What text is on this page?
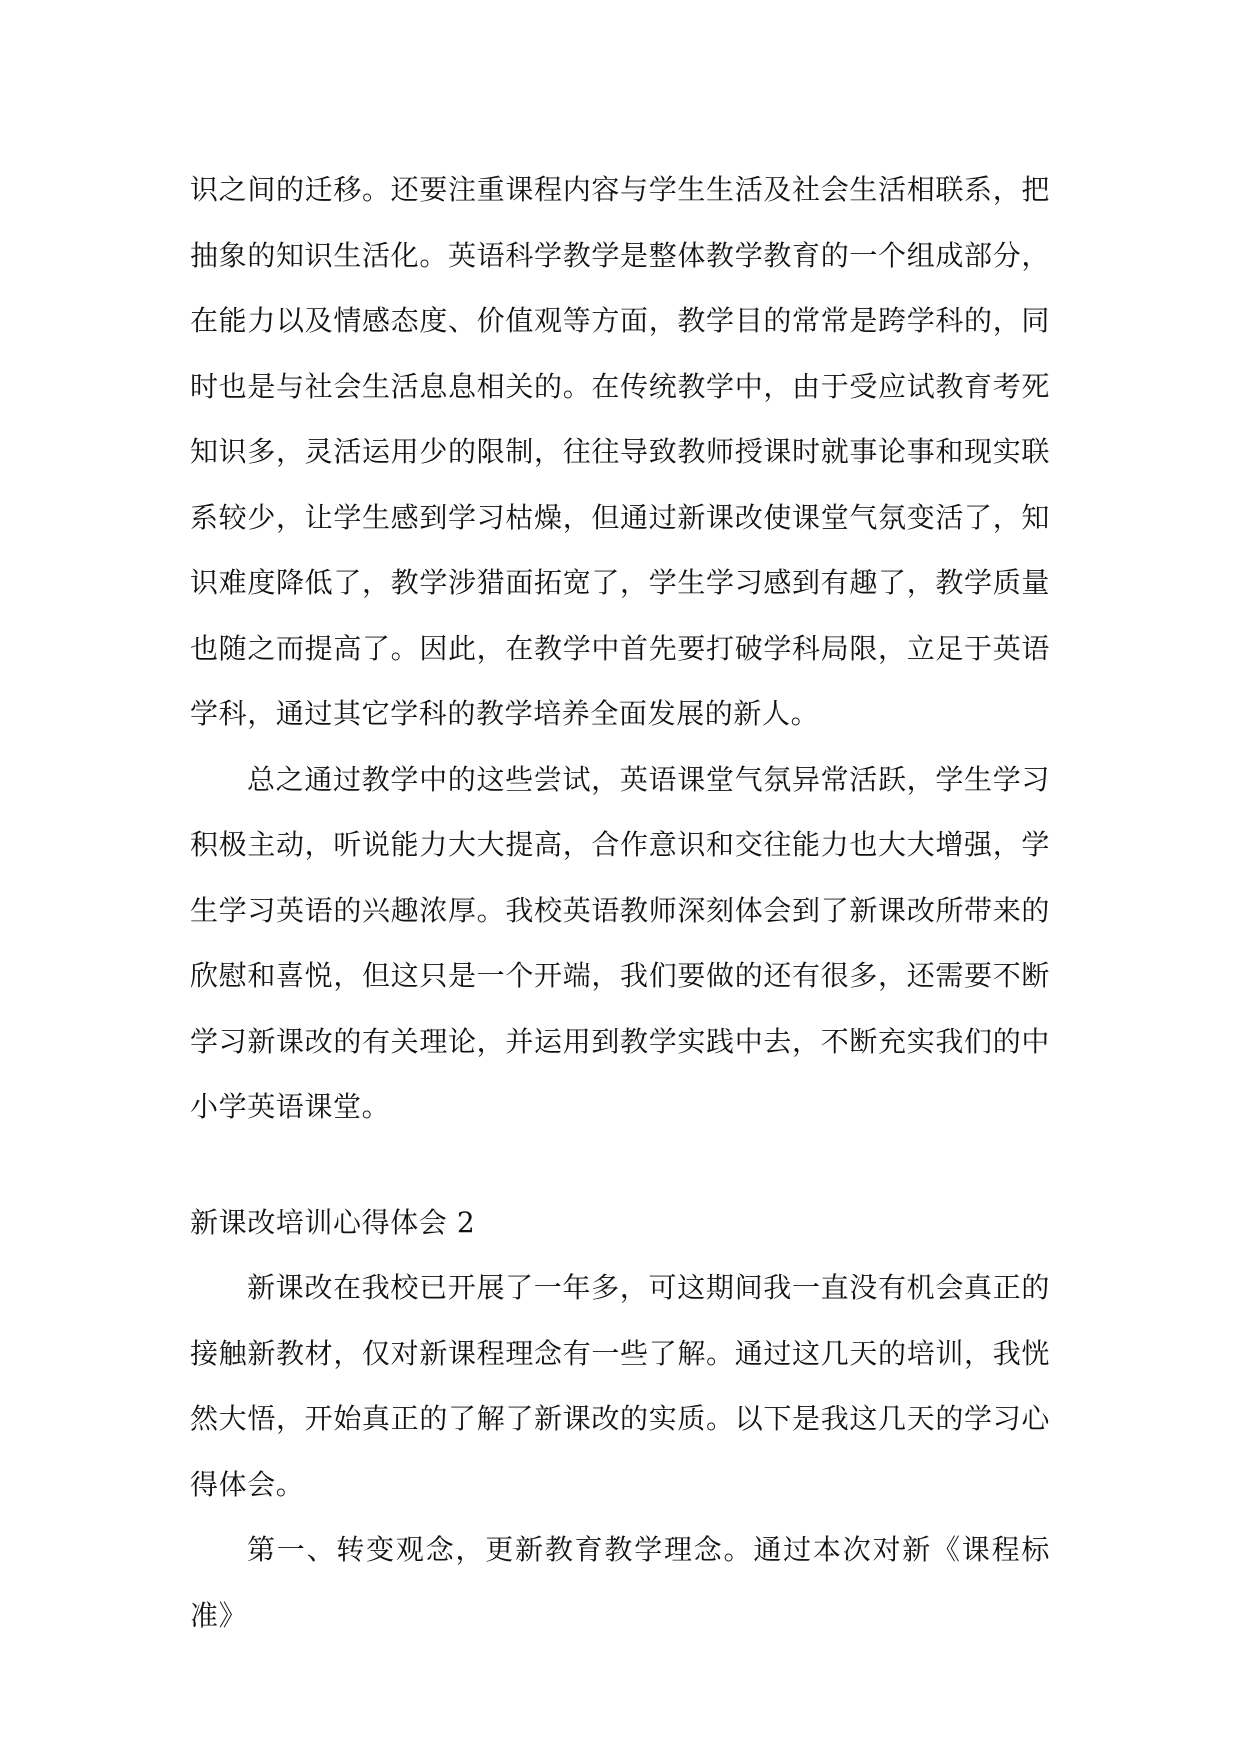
识之间的迁移。还要注重课程内容与学生生活及社会生活相联系，把抽象的知识生活化。英语科学教学是整体教学教育的一个组成部分，在能力以及情感态度、价值观等方面，教学目的常常是跨学科的，同时也是与社会生活息息相关的。在传统教学中，由于受应试教育考死知识多，灵活运用少的限制，往往导致教师授课时就事论事和现实联系较少，让学生感到学习枯燥，但通过新课改使课堂气氛变活了，知识难度降低了，教学涉猎面拓宽了，学生学习感到有趣了，教学质量也随之而提高了。因此，在教学中首先要打破学科局限，立足于英语学科，通过其它学科的教学培养全面发展的新人。

总之通过教学中的这些尝试，英语课堂气氛异常活跃，学生学习积极主动，听说能力大大提高，合作意识和交往能力也大大增强，学生学习英语的兴趣浓厚。我校英语教师深刻体会到了新课改所带来的欣慰和喜悦，但这只是一个开端，我们要做的还有很多，还需要不断学习新课改的有关理论，并运用到教学实践中去，不断充实我们的中小学英语课堂。

新课改培训心得体会 2

新课改在我校已开展了一年多，可这期间我一直没有机会真正的接触新教材，仅对新课程理念有一些了解。通过这几天的培训，我恍然大悟，开始真正的了解了新课改的实质。以下是我这几天的学习心得体会。

第一、转变观念，更新教育教学理念。通过本次对新《课程标准》
